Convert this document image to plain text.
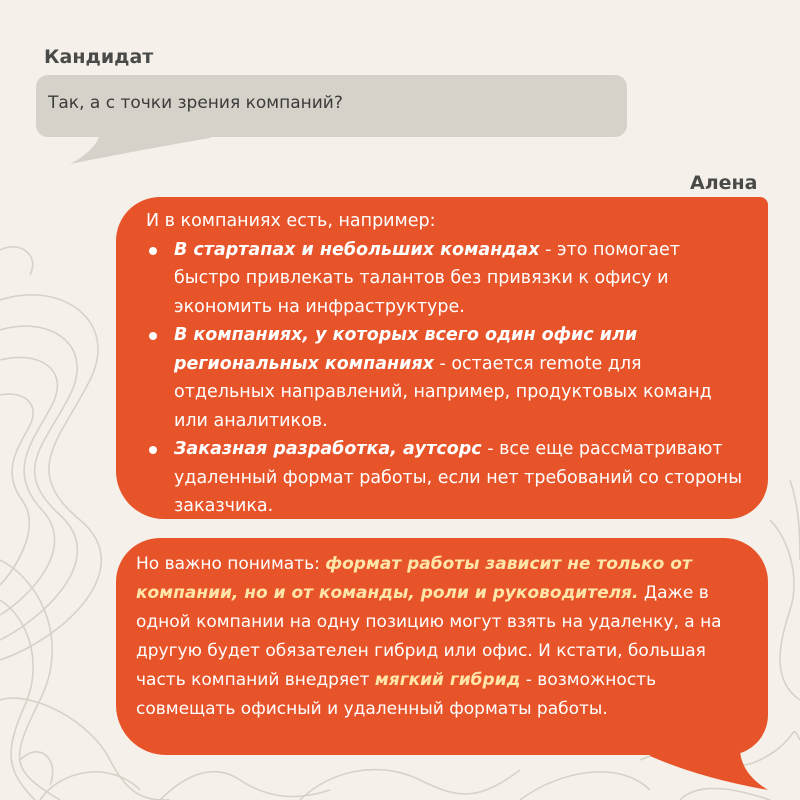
Кандидат
Так, а с точки зрения компаний?
Алена
И в компаниях есть, например:
В стартапах и небольших командах - это помогает быстро привлекать талантов без привязки к офису и экономить на инфраструктуре.
В компаниях, у которых всего один офис или региональных компаниях - остается remote для отдельных направлений, например, продуктовых команд или аналитиков.
Заказная разработка, аутсорс - все еще рассматривают удаленный формат работы, если нет требований со стороны заказчика.
Но важно понимать: формат работы зависит не только от компании, но и от команды, роли и руководителя. Даже в одной компании на одну позицию могут взять на удаленку, а на другую будет обязателен гибрид или офис. И кстати, большая часть компаний внедряет мягкий гибрид - возможность совмещать офисный и удаленный форматы работы.
